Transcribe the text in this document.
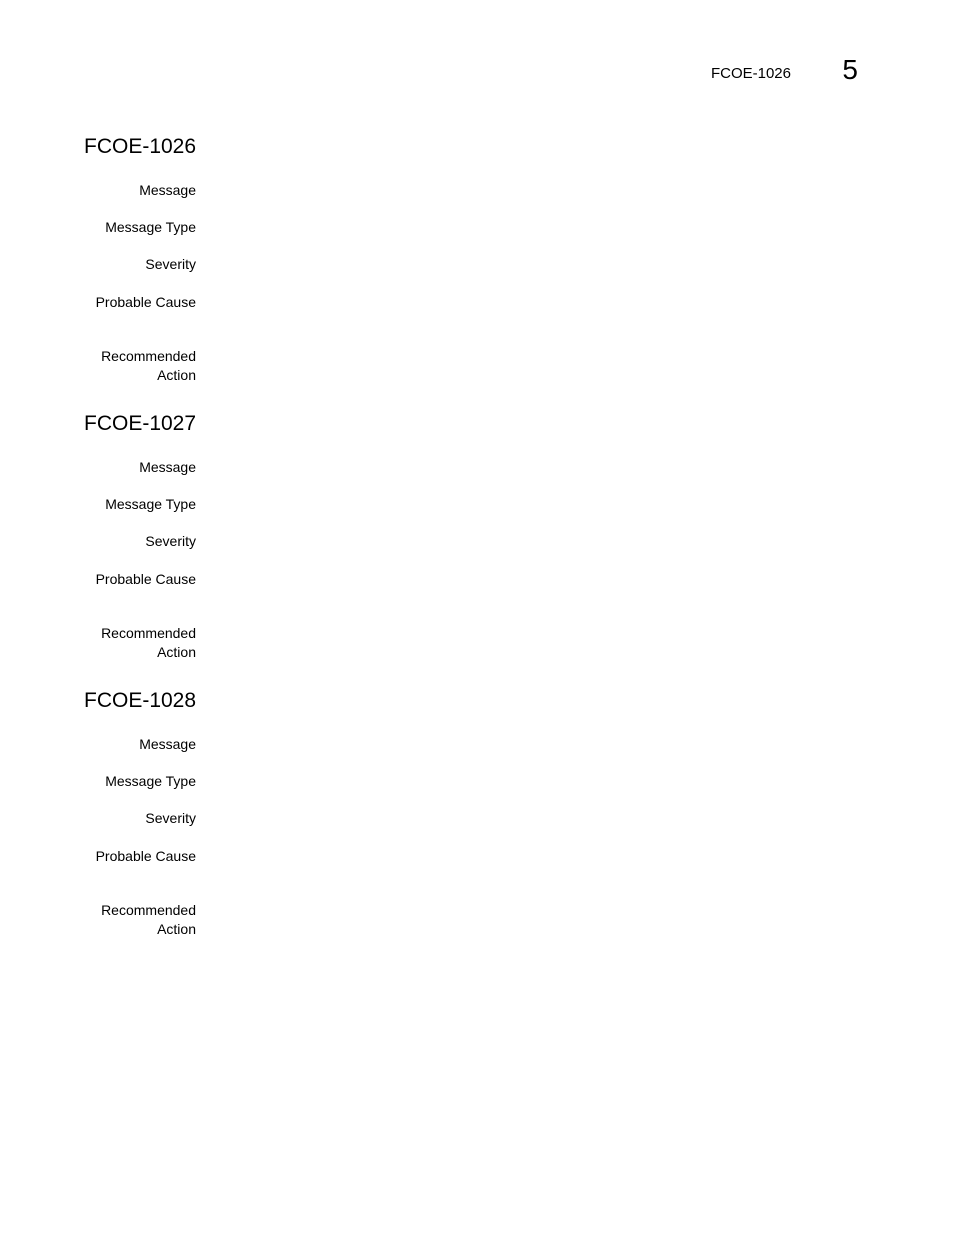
FCOE-1026	5
FCOE-1026
Message
Message Type
Severity
Probable Cause
Recommended
Action
FCOE-1027
Message
Message Type
Severity
Probable Cause
Recommended
Action
FCOE-1028
Message
Message Type
Severity
Probable Cause
Recommended
Action
